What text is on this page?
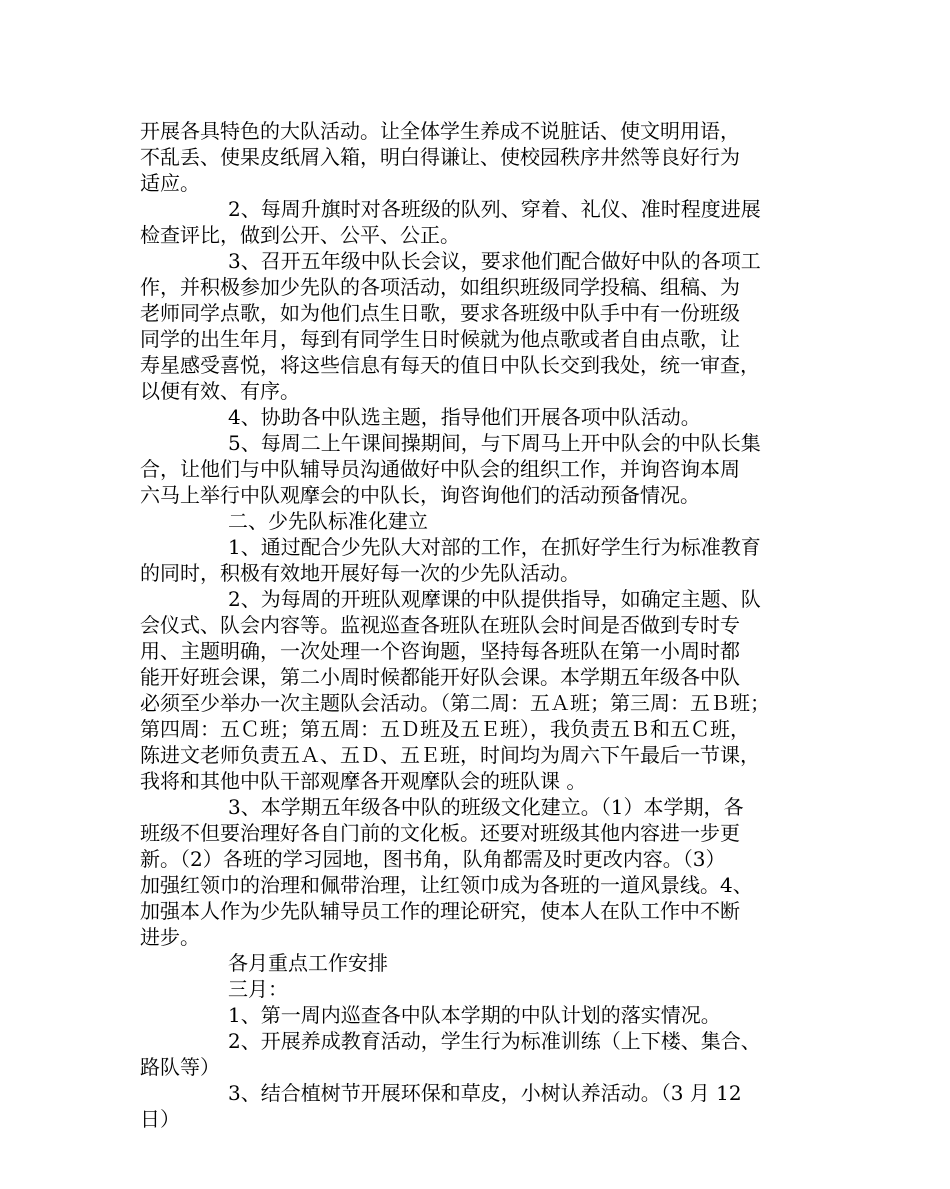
开展各具特色的大队活动。让全体学生养成不说脏话、使文明用语，
不乱丢、使果皮纸屑入箱，明白得谦让、使校园秩序井然等良好行为
适应。
2、每周升旗时对各班级的队列、穿着、礼仪、准时程度进展
检查评比，做到公开、公平、公正。
3、召开五年级中队长会议，要求他们配合做好中队的各项工
作，并积极参加少先队的各项活动，如组织班级同学投稿、组稿、为
老师同学点歌，如为他们点生日歌，要求各班级中队手中有一份班级
同学的出生年月，每到有同学生日时候就为他点歌或者自由点歌，让
寿星感受喜悦，将这些信息有每天的值日中队长交到我处，统一审查，
以便有效、有序。
4、协助各中队选主题，指导他们开展各项中队活动。
5、每周二上午课间操期间，与下周马上开中队会的中队长集
合，让他们与中队辅导员沟通做好中队会的组织工作，并询咨询本周
六马上举行中队观摩会的中队长，询咨询他们的活动预备情况。
二、少先队标准化建立
1、通过配合少先队大对部的工作，在抓好学生行为标准教育
的同时，积极有效地开展好每一次的少先队活动。
2、为每周的开班队观摩课的中队提供指导，如确定主题、队
会仪式、队会内容等。监视巡查各班队在班队会时间是否做到专时专
用、主题明确，一次处理一个咨询题，坚持每各班队在第一小周时都
能开好班会课，第二小周时候都能开好队会课。本学期五年级各中队
必须至少举办一次主题队会活动。（第二周：五Ａ班；第三周：五Ｂ班；
第四周：五Ｃ班；第五周：五Ｄ班及五Ｅ班），我负责五Ｂ和五Ｃ班，
陈进文老师负责五Ａ、五Ｄ、五Ｅ班，时间均为周六下午最后一节课，
我将和其他中队干部观摩各开观摩队会的班队课 。
3、本学期五年级各中队的班级文化建立。（1）本学期，各
班级不但要治理好各自门前的文化板。还要对班级其他内容进一步更
新。（2）各班的学习园地，图书角，队角都需及时更改内容。（3）
加强红领巾的治理和佩带治理，让红领巾成为各班的一道风景线。4、
加强本人作为少先队辅导员工作的理论研究，使本人在队工作中不断
进步。
各月重点工作安排
三月：
1、第一周内巡查各中队本学期的中队计划的落实情况。
2、开展养成教育活动，学生行为标准训练（上下楼、集合、
路队等）
3、结合植树节开展环保和草皮，小树认养活动。（3 月 12
日）
